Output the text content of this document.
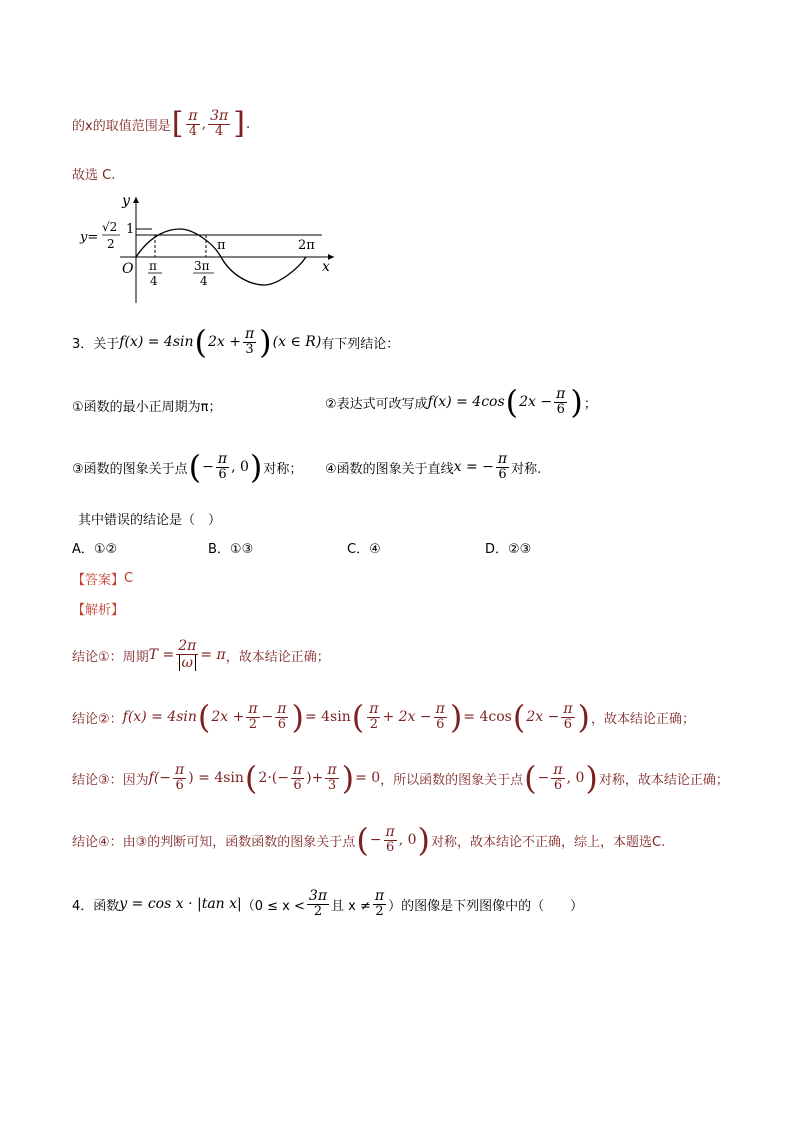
的x的取值范围是 [ $\frac{\pi}{4}$ , $\frac{3\pi}{4}$ ] .
故选 C.
y
x
O
1
y=
√2
2
π
4
3π
4
π	2π
3．关于 f(x) = 4sin ( $2x + \frac{\pi}{3}$ ) (x ∈ R) 有下列结论：
①函数的最小正周期为π；	②表达式可改写成 f(x) = 4cos ( $2x - \frac{\pi}{6}$ ) ；
③函数的图象关于点 ( − $\frac{\pi}{6}$ , 0 ) 对称； ④函数的图象关于直线 x = − $\frac{\pi}{6}$ 对称.
其中错误的结论是（　）
A．①②	B．①③	C．④	D．②③
【答案】 C
【解析】
结论①：周期 $T = \frac{2\pi}{\omega} = \pi$ ，故本结论正确；
结论②： f(x) = 4sin ( $2x + \frac{\pi}{2} - \frac{\pi}{6}$ ) = 4sin ( $\frac{\pi}{2} + 2x - \frac{\pi}{6}$ ) = 4cos ( $2x - \frac{\pi}{6}$ ) ，故本结论正确；
结论③：因为 $f(- \frac{\pi}{6}$ ) = 4sin ( $2\cdot(- \frac{\pi}{6}$ )+ $\frac{\pi}{3}$ ) = 0 ，所以函数的图象关于点 ( − $\frac{\pi}{6}$ , 0 ) 对称，故本结论正确；
结论④：由③的判断可知，函数函数的图象关于点 ( − $\frac{\pi}{6}$ , 0 ) 对称，故本结论不正确，综上，本题选C.
4．函数 y = cos x · |tan x| （$0 \le x < \frac{3\pi}{2}$ 且 $x \ne \frac{\pi}{2}$ ）的图像是下列图像中的（　　）
